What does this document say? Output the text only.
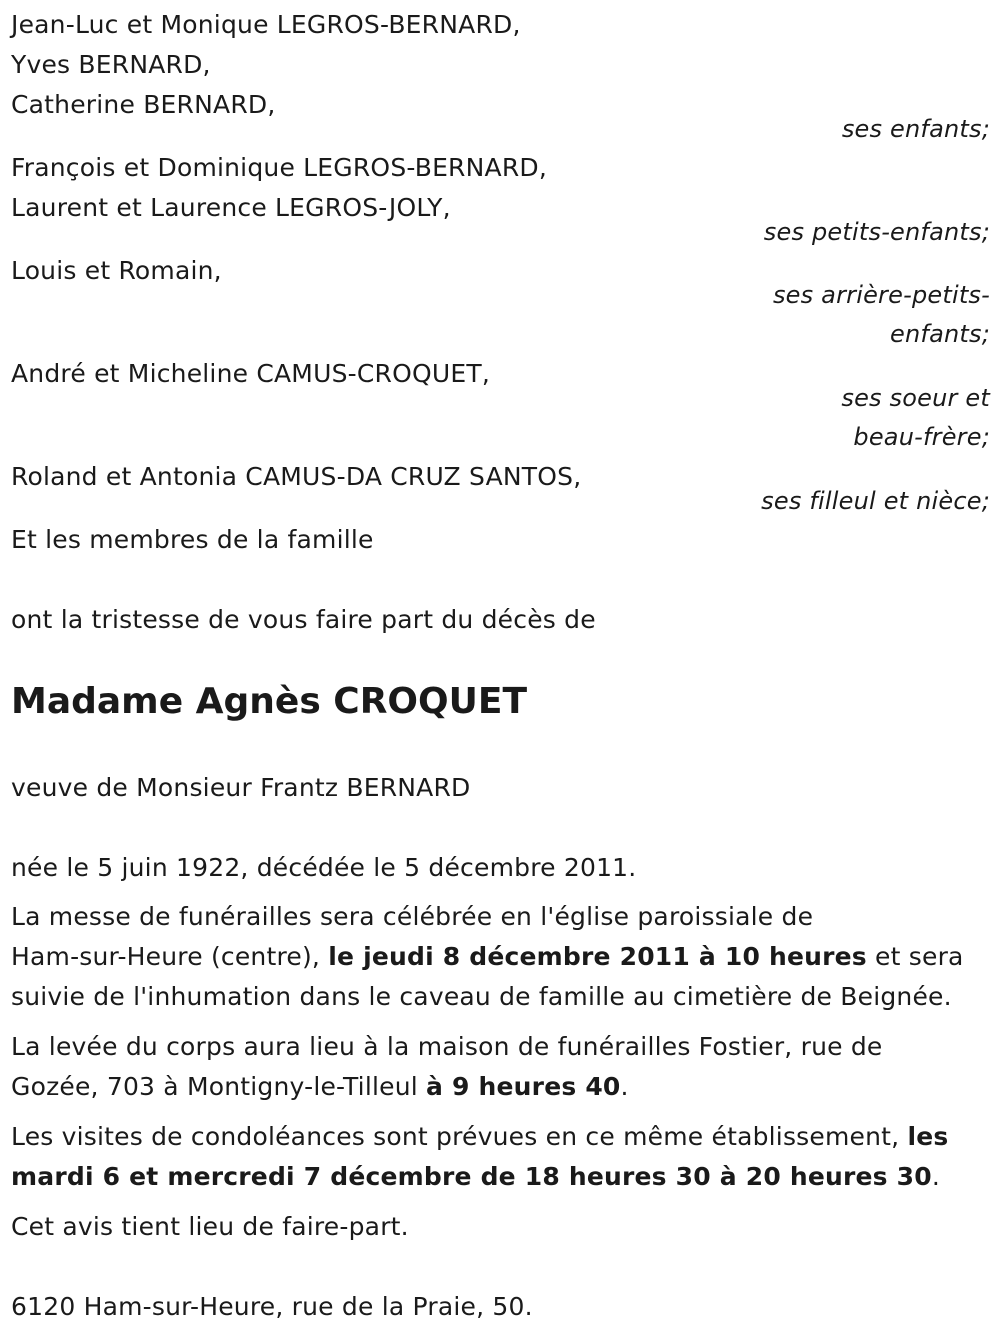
Jean-Luc et Monique LEGROS-BERNARD,
Yves BERNARD,
Catherine BERNARD,
ses enfants;
François et Dominique LEGROS-BERNARD,
Laurent et Laurence LEGROS-JOLY,
ses petits-enfants;
Louis et Romain,
ses arrière-petits-
enfants;
André et Micheline CAMUS-CROQUET,
ses soeur et
beau-frère;
Roland et Antonia CAMUS-DA CRUZ SANTOS,
ses filleul et nièce;
Et les membres de la famille
ont la tristesse de vous faire part du décès de
Madame Agnès CROQUET
veuve de Monsieur Frantz BERNARD
née le 5 juin 1922, décédée le 5 décembre 2011.
La messe de funérailles sera célébrée en l'église paroissiale de
Ham-sur-Heure (centre), le jeudi 8 décembre 2011 à 10 heures et sera
suivie de l'inhumation dans le caveau de famille au cimetière de Beignée.
La levée du corps aura lieu à la maison de funérailles Fostier, rue de
Gozée, 703 à Montigny-le-Tilleul à 9 heures 40.
Les visites de condoléances sont prévues en ce même établissement, les
mardi 6 et mercredi 7 décembre de 18 heures 30 à 20 heures 30.
Cet avis tient lieu de faire-part.
6120 Ham-sur-Heure, rue de la Praie, 50.
